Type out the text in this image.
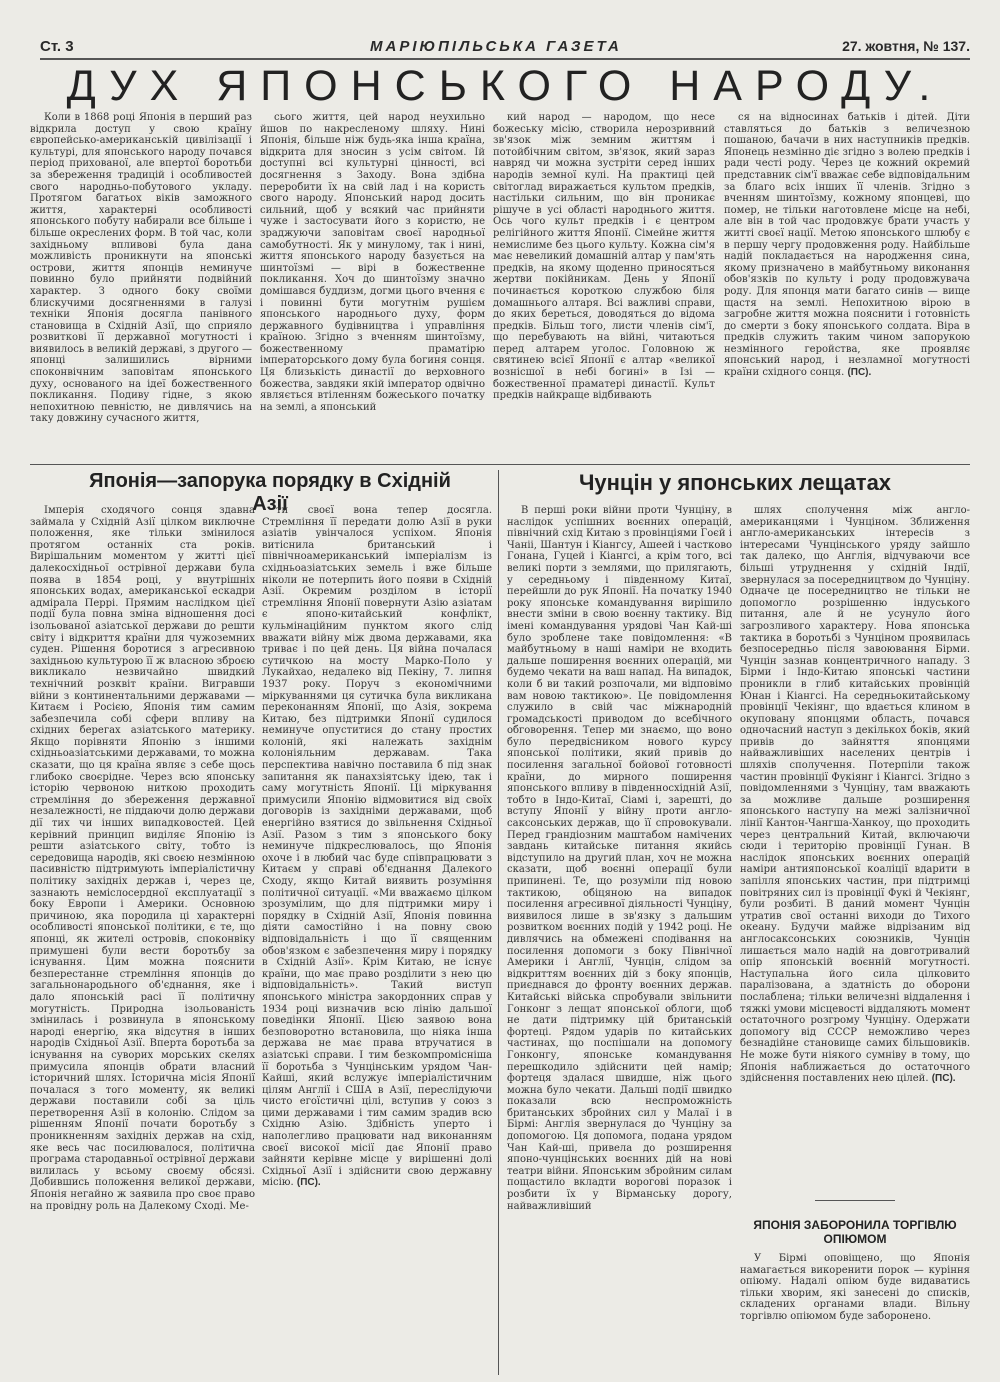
Ст. 3	МАРІЮПІЛЬСЬКА ГАЗЕТА	27. жовтня, № 137.
ДУХ ЯПОНСЬКОГО НАРОДУ.

Коли в 1868 році Японія в перший раз відкрила доступ у свою країну європейсько-американській цивілізації і культурі, для японського народу почався період прихованої, але впертої боротьби за збереження традицій і особливостей свого народньо-побутового укладу. Протягом багатьох віків заможного життя, характерні особливості японського побуту набирали все більше і більше окреслених форм. В той час, коли західньому впливові була дана можливість проникнути на японські острови, життя японців неминуче повинно було прийняти подвійний характер. З одного боку своїми блискучими досягненнями в галузі техніки Японія досягла панівного становища в Східній Азії, що сприяло розвиткові її державної могутності і виявилось в великій державі, з другого — японці залишились вірними споконвічним заповітам японського духу, основаного на ідеї божественного покликання. Подиву гідне, з якою непохитною певністю, не дивлячись на таку довжину сучасного життя,

сього життя, цей народ неухильно йшов по накресленому шляху. Нині Японія, більше ніж будь-яка інша країна, відкрита для зносин з усім світом. Ій доступні всі культурні цінності, всі досягнення з Заходу. Вона здібна переробити їх на свій лад і на користь свого народу. Японський народ досить сильний, щоб у всякий час прийняти чуже і застосувати його з користю, не зраджуючи заповітам своєї народньої самобутності. Як у минулому, так і нині, життя японського народу базується на шинтоїзмі — вірі в божественне покликання. Хоч до шинтоїзму значно домішався буддизм, догми цього вчення є і повинні бути могутнім рушієм японського народнього духу, форм державного будівництва і управління країною. Згідно з вченням шинтоїзму, божественному праматірю імператорського дому була богиня сонця. Ця близькість династії до верховного божества, завдяки якій імператор одвічно являється втіленням божеського початку на землі, а японський

кий народ — народом, що несе божеську місію, створила нерозривний зв'язок між земним життям і потойбічним світом, зв'язок, який зараз навряд чи можна зустріти серед інших народів земної кулі. На практиці цей світоглад виражається культом предків, настільки сильним, що він проникає рішуче в усі області народнього життя. Ось чого культ предків і є центром релігійного життя Японії. Сімейне життя немислиме без цього культу. Кожна сім'я має невеликий домашній алтар у пам'ять предків, на якому щоденно приносяться жертви покійникам. День у Японії починається короткою службою біля домашнього алтаря. Всі важливі справи, до яких береться, доводяться до відома предків. Більш того, листи членів сім'ї, що перебувають на війні, читаються перед алтарем уголос. Головною ж святинею всієї Японії є алтар «великої вознісшої в небі богині» в Ізі — божественної праматері династії. Культ предків найкраще відбивають

ся на відносинах батьків і дітей. Діти ставляться до батьків з величезною пошаною, бачачи в них наступників предків. Японець незмінно діє згідно з волею предків і ради честі роду. Через це кожний окремий представник сім'ї вважає себе відповідальним за благо всіх інших її членів. Згідно з вченням шинтоїзму, кожному японцеві, що помер, не тільки наготовлене місце на небі, але він в той час продовжує брати участь у житті своєї нації. Метою японського шлюбу є в першу чергу продовження роду. Найбільше надій покладається на народження сина, якому призначено в майбутньому виконання обов'язків по культу і роду продовжувача роду. Для японця мати багато синів — вище щастя на землі. Непохитною вірою в загробне життя можна пояснити і готовність до смерти з боку японського солдата. Віра в предків служить таким чином запорукою незмінного геройства, яке проявляє японський народ, і незламної могутності країни східного сонця. (ПС).

Японія—запорука порядку в Східній Азії

Імперія сходячого сонця здавна займала у Східній Азії цілком виключне положення, яке тільки змінилося протягом останніх ста років. Вирішальним моментом у житті цієї далекосхідньої острівної держави була поява в 1854 році, у внутрішніх японських водах, американської ескадри адмірала Перрі. Прямим наслідком цієї події була повна зміна відношення досі ізольованої азіатської держави до решти світу і відкриття країни для чужоземних суден. Рішення боротися з агресивною західньою культурою її ж власною зброєю викликало незвичайно швидкий технічний розквіт країни. Вигравши війни з континентальними державами — Китаєм і Росією, Японія тим самим забезпечила собі сфери впливу на східних берегах азіатського материку. Якщо порівняти Японію з іншими східньоазіатськими державами, то можна сказати, що ця країна являє з себе щось глибоко своєрідне. Через всю японську історію червоною ниткою проходить стремління до збереження державної незалежності, не піддаючи долю держави дії тих чи інших випадковостей. Цей керівний принцип виділяє Японію із решти азіатського світу, тобто із середовища народів, які своєю незмінною пасивністю підтримують імперіалістичну політику західніх держав і, через це, зазнають неміслосердної експлуатації з боку Европи і Америки. Основною причиною, яка породила ці характерні особливості японської політики, є те, що японці, як жителі островів, споконвіку примушені були вести боротьбу за існування. Цим можна пояснити безперестанне стремління японців до загальнонародьного об'єднання, яке і дало японській расі її політичну могутність. Природна ізольованість змінилась і розвинула в японському народі енергію, яка відсутня в інших народів Східньої Азії. Вперта боротьба за існування на суворих морських скелях примусила японців обрати власний історичний шлях. Історична місія Японії почалася з того моменту, як великі держави поставили собі за ціль перетворення Азії в колонію. Слідом за рішенням Японії почати боротьбу з проникненням західніх держав на схід, яке весь час посилювалося, політична програма стародавньої острівної держави вилилась у всьому своєму обсязі. Добившись положення великої держави, Японія негайно ж заявила про своє право на провідну роль на Далекому Сході. Ме-

ти своєї вона тепер досягла. Стремління її передати долю Азії в руки азіатів увінчалося успіхом. Японія витіснила британський і північноамериканський імперіалізм із східньоазіатських земель і вже більше ніколи не потерпить його появи в Східній Азії. Окремим розділом в історії стремління Японії повернути Азію азіатам є японо-китайський конфлікт, кульмінаційним пунктом якого слід вважати війну між двома державами, яка триває і по цей день. Ця війна почалася сутичкою на мосту Марко-Поло у Лукайхао, недалеко від Пекіну, 7. липня 1937 року. Поруч з економічними міркуваннями ця сутичка була викликана переконанням Японії, що Азія, зокрема Китаю, без підтримки Японії судилося неминуче опуститися до стану простих колоній, які належать західнім колоніяльним державам. Така перспектива навічно поставила б під знак запитання як панахзіятську ідею, так і саму могутність Японії. Ці міркування примусили Японію відмовитися від своїх договорів із західніми державами, щоб енергійно взятися до звільнення Східньої Азії. Разом з тим з японського боку неминуче підкреслювалось, що Японія охоче і в любий час буде співпрацювати з Китаєм у справі об'єднання Далекого Сходу, якщо Китай виявить розуміння політичної ситуації. «Ми вважаємо цілком зрозумілим, що для підтримки миру і порядку в Східній Азії, Японія повинна діяти самостійно і на повну свою відповідальність і що її священним обов'язком є забезпечення миру і порядку в Східній Азії». Крім Китаю, не існує країни, що має право розділити з нею цю відповідальність». Такий виступ японського міністра закордонних справ у 1934 році визначив всю лінію дальшої поведінки Японії. Цією заявою вона безповоротно встановила, що ніяка інша держава не має права втручатися в азіатські справи. І тим безкомпромісніша її боротьба з Чунцінським урядом Чан-Кайші, який вслужує імперіалістичним цілям Англії і США в Азії, переслідуючи чисто егоїстичні цілі, вступив у союз з цими державами і тим самим зрадив всю Східню Азію. Здібність уперто і наполегливо працювати над виконанням своєї високої місії дає Японії право зайняти керівне місце у вирішенні долі Східньої Азії і здійснити свою державну місію. (ПС).

Чунцін у японських лещатах

В перші роки війни проти Чунціну, в наслідок успішних воєнних операцій, північний схід Китаю з провінціями Гоєй і Чаніі, Шантун і Кіангсу, Ашеей і частково Гонана, Гуцей і Кіангсі, а крім того, всі великі порти з землями, що прилягають, у середньому і південному Китаї, перейшли до рук Японії. На початку 1940 року японське командування вирішило внести зміни в свою воєнну тактику. Від імені командування урядові Чан Кай-ші було зроблене таке повідомлення: «В майбутньому в наші наміри не входить дальше поширення воєнних операцій, ми будемо чекати на ваш напад. На випадок, коли б ви такий розпочали, ми відповімо вам новою тактикою». Це повідомлення служило в свій час міжнародній громадськості приводом до всебічного обговорення. Тепер ми знаємо, що воно було передвісником нового курсу японської політики, який привів до посилення загальної бойової готовності країни, до мирного поширення японського впливу в південносхідній Азії, тобто в Індо-Китаї, Сіамі і, зарешті, до вступу Японії у війну проти англо-саксонських держав, що її спровокували. Перед грандіозним маштабом намічених завдань китайське питання якийсь відступило на другий план, хоч не можна сказати, щоб воєнні операції були припинені. Те, що розуміли під новою тактикою, обіцяною на випадок посилення агресивної діяльності Чунціну, виявилося лише в зв'язку з дальшим розвитком воєнних подій у 1942 році. Не дивлячись на обмежені сподівання на посилення допомоги з боку Північної Америки і Англії, Чунцін, слідом за відкриттям воєнних дій з боку японців, приєднався до фронту воєнних держав. Китайські війська спробували звільнити Гонконг з лещат японської облоги, щоб не дати підтримку цій британській фортеці. Рядом ударів по китайських частинах, що поспішали на допомогу Гонконгу, японське командування перешкодило здійснити цей намір; фортеця здалася швидше, ніж цього можна було чекати. Дальші події швидко показали всю неспроможність британських збройних сил у Малаї і в Бірмі: Англія звернулася до Чунціну за допомогою. Ця допомога, подана урядом Чан Кай-ші, привела до розширення японо-чунцінських воєнних дій на нові театри війни. Японським збройним силам пощастило вкладти ворогові поразок і розбити їх у Вірманську дорогу, найважливіший

шлях сполучення між англо-американцями і Чунціном. Зближення англо-американських інтересів з інтересами Чунцінського уряду зайшло так далеко, що Англія, відчуваючи все більші утруднення у східній Індії, звернулася за посередництвом до Чунціну. Одначе це посередництво не тільки не допомогло розрішенню індуського питання, але й не усунуло його загрозливого характеру. Нова японська тактика в боротьбі з Чунціном проявилась безпосередньо після завоювання Бірми. Чунцін зазнав концентричного нападу. З Бірми і Індо-Китаю японські частини проникли в глиб китайських провінцій Юнан і Кіангсі. На середньокитайському провінції Чекіянг, що вдається клином в окуповану японцями область, почався одночасний наступ з декількох боків, який привів до зайняття японцями найважливіших населених центрів і шляхів сполучення. Потерпіли також частин провінції Фукіянг і Кіангсі. Згідно з повідомленнями з Чунціну, там вважають за можливе дальше розширення японського наступу на межі залізничної лінії Кантон-Чангша-Ханкоу, що проходить через центральний Китай, включаючи сюди і територію провінції Гунан. В наслідок японських воєнних операцій наміри антияпонської коаліції вдарити в запілля японських частин, при підтримці повітряних сил із провінції Фукі й Чекіянг, були розбиті. В даний момент Чунцін утратив свої останні виходи до Тихого океану. Будучи майже відрізаним від англосаксонських союзників, Чунцін лишається мало надій на довготривалий опір японській воєнній могутності. Наступальна його сила цілковито паралізована, а здатність до оборони послаблена; тільки величезні віддалення і тяжкі умови місцевості віддаляють момент остаточного розгрому Чунціну. Одержати допомогу від СССР неможливо через безнадійне становище самих більшовиків. Не може бути ніякого сумніву в тому, що Японія наближається до остаточного здійснення поставлених нею цілей. (ПС).

ЯПОНІЯ ЗАБОРОНИЛА ТОРГІВЛЮ ОПІЮМОМ

У Бірмі оповіщено, що Японія намагається викоренити порок — куріння опіюму. Надалі опіюм буде видаватись тільки хворим, які занесені до списків, складених органами влади. Вільну торгівлю опіюмом буде заборонено.
